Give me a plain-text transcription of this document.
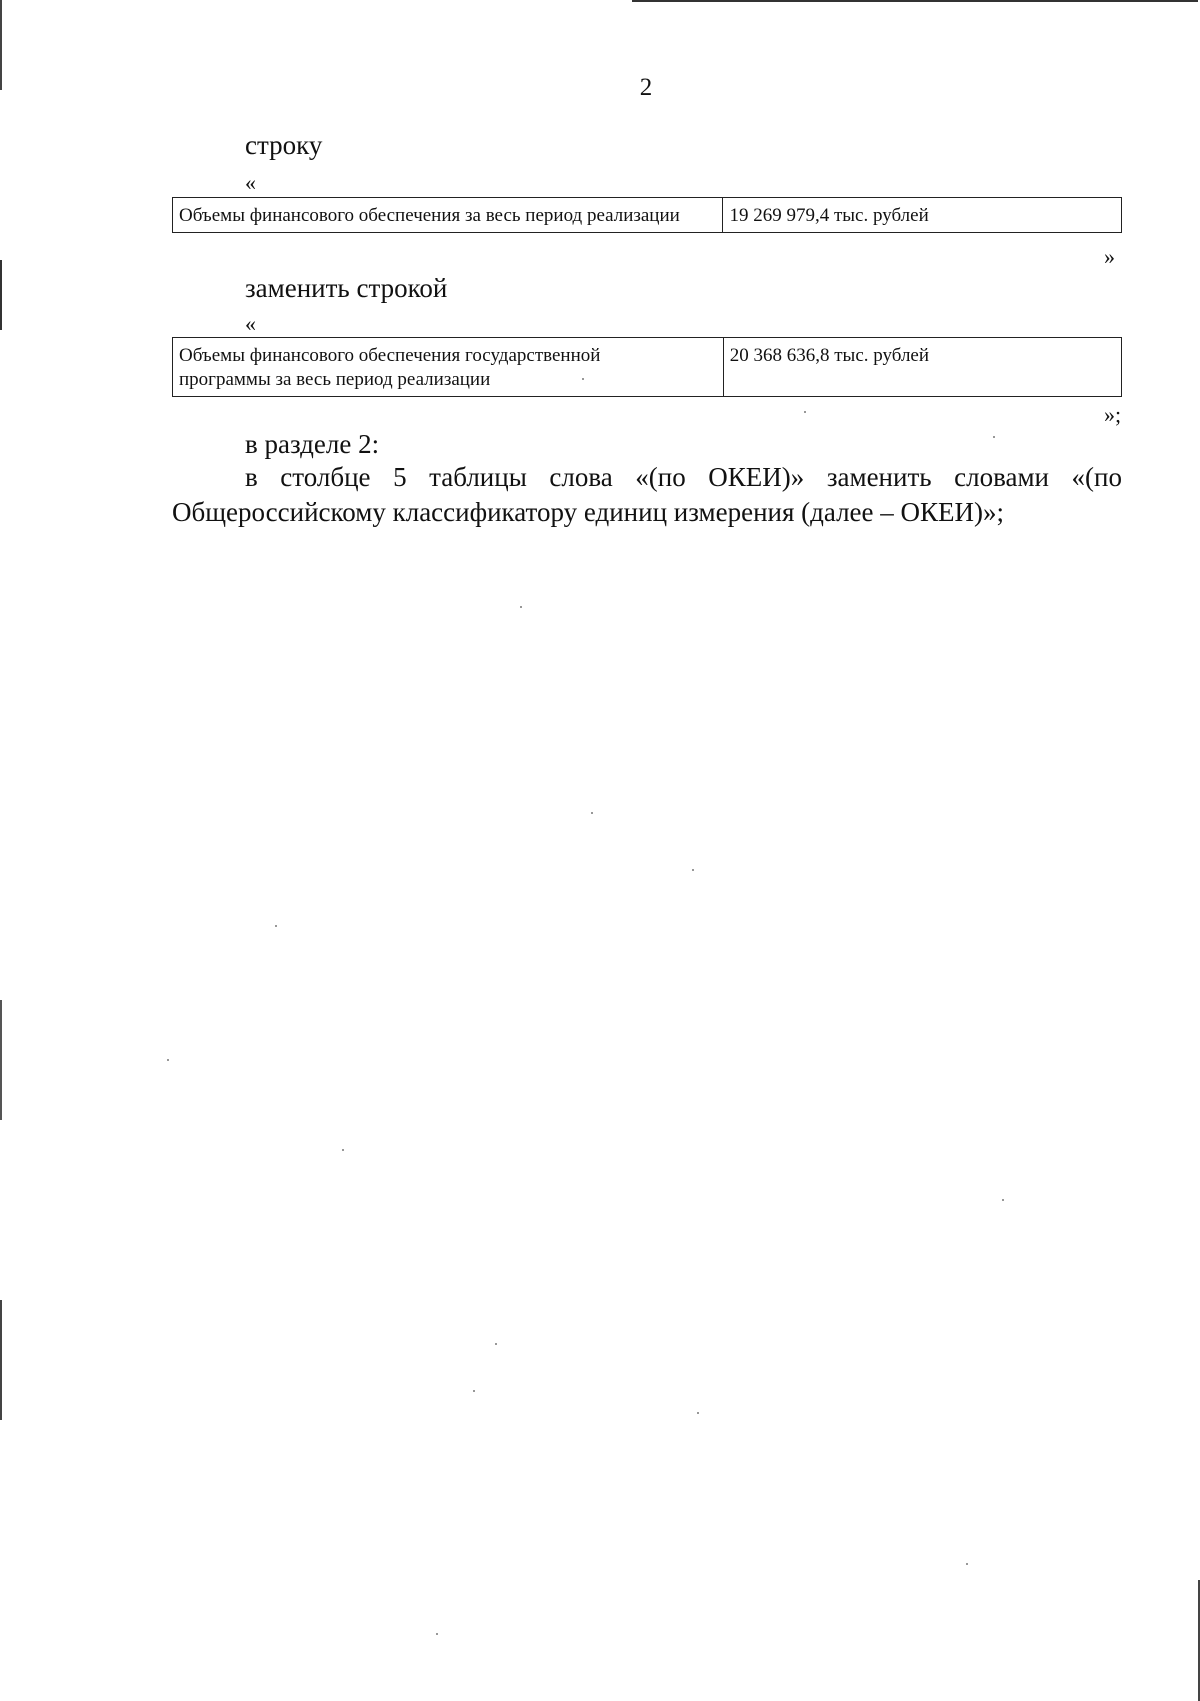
2
строку
«
Объемы финансового обеспечения за весь период реализации	19 269 979,4 тыс. рублей
»
заменить строкой
«
Объемы финансового обеспечения государственной
программы за весь период реализации	20 368 636,8 тыс. рублей
»;
в разделе 2:
в столбце 5 таблицы слова «(по ОКЕИ)» заменить словами «(по
Общероссийскому классификатору единиц измерения (далее – ОКЕИ)»;
